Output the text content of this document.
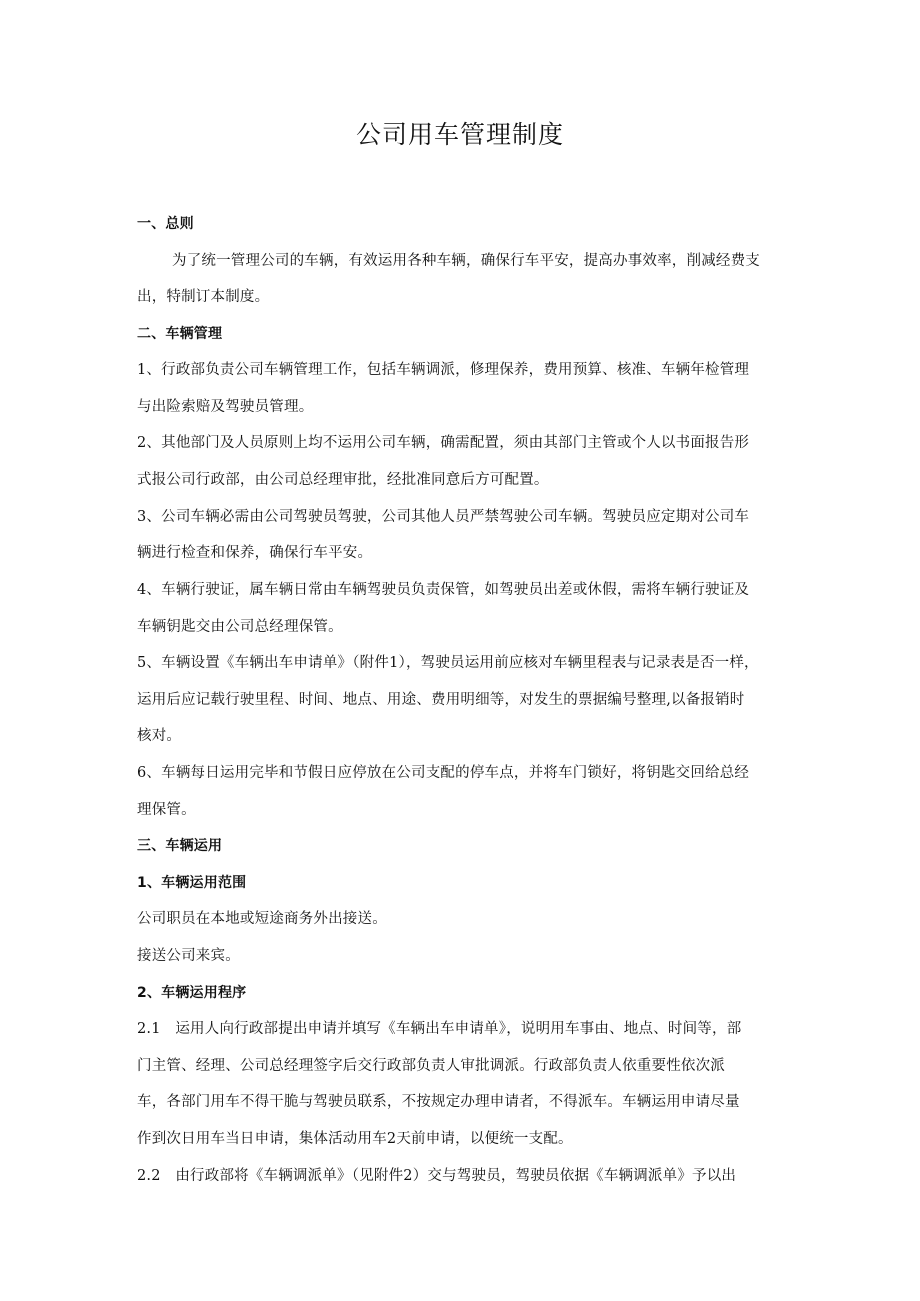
公司用车管理制度
一、总则
为了统一管理公司的车辆，有效运用各种车辆，确保行车平安，提高办事效率，削减经费支
出，特制订本制度。
二、车辆管理
1、行政部负责公司车辆管理工作，包括车辆调派，修理保养，费用预算、核准、车辆年检管理
与出险索赔及驾驶员管理。
2、其他部门及人员原则上均不运用公司车辆，确需配置，须由其部门主管或个人以书面报告形
式报公司行政部，由公司总经理审批，经批准同意后方可配置。
3、公司车辆必需由公司驾驶员驾驶，公司其他人员严禁驾驶公司车辆。驾驶员应定期对公司车
辆进行检查和保养，确保行车平安。
4、车辆行驶证，属车辆日常由车辆驾驶员负责保管，如驾驶员出差或休假，需将车辆行驶证及
车辆钥匙交由公司总经理保管。
5、车辆设置《车辆出车申请单》（附件1），驾驶员运用前应核对车辆里程表与记录表是否一样，
运用后应记载行驶里程、时间、地点、用途、费用明细等，对发生的票据编号整理,以备报销时
核对。
6、车辆每日运用完毕和节假日应停放在公司支配的停车点，并将车门锁好，将钥匙交回给总经
理保管。
三、车辆运用
1、车辆运用范围
公司职员在本地或短途商务外出接送。
接送公司来宾。
2、车辆运用程序
2.1　运用人向行政部提出申请并填写《车辆出车申请单》，说明用车事由、地点、时间等，部
门主管、经理、公司总经理签字后交行政部负责人审批调派。行政部负责人依重要性依次派
车，各部门用车不得干脆与驾驶员联系，不按规定办理申请者，不得派车。车辆运用申请尽量
作到次日用车当日申请，集体活动用车2天前申请，以便统一支配。
2.2　由行政部将《车辆调派单》（见附件2）交与驾驶员，驾驶员依据《车辆调派单》予以出
